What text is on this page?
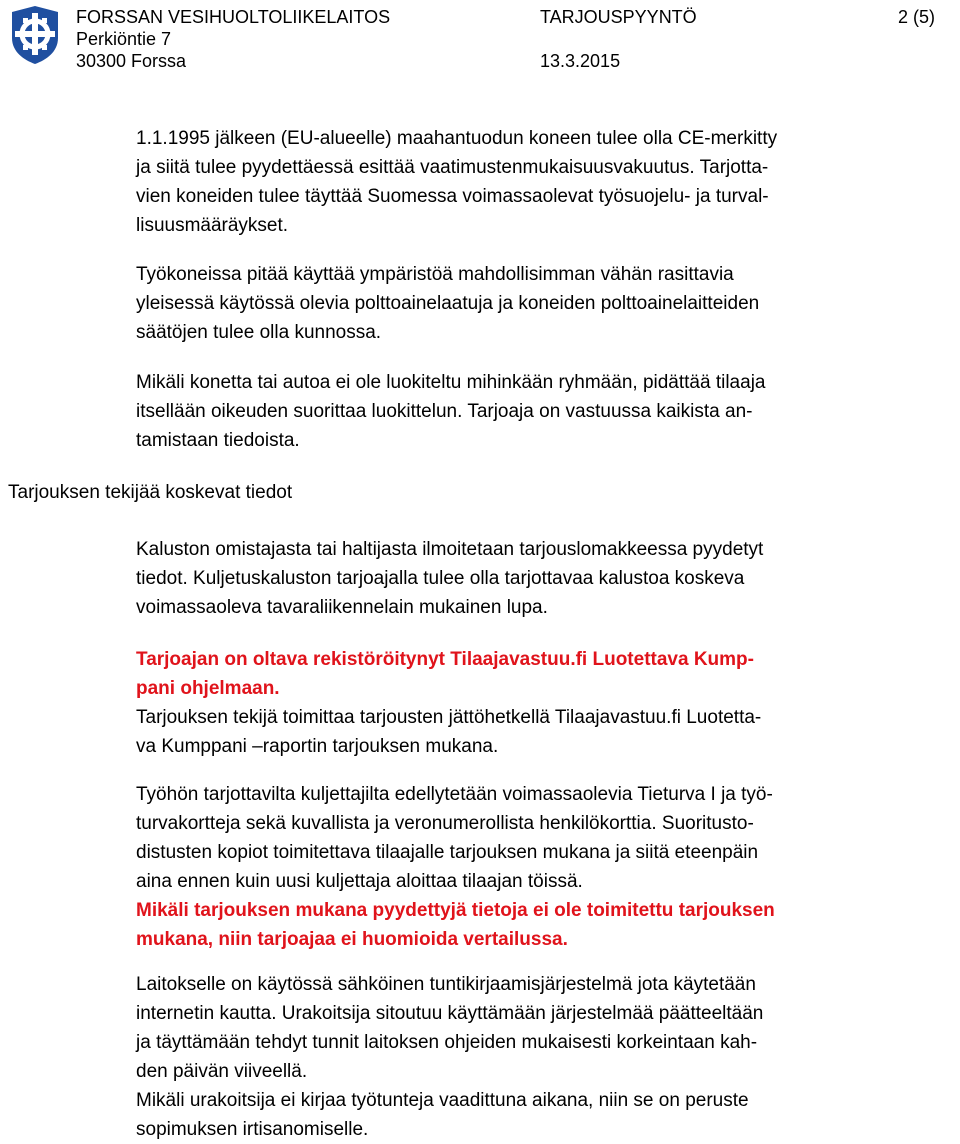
FORSSAN VESIHUOLTOLIIKELAITOS
Perkiöntie 7
30300 Forssa
TARJOUSPYYNTÖ
13.3.2015
2 (5)
1.1.1995 jälkeen (EU-alueelle) maahantuodun koneen tulee olla CE-merkitty
ja siitä tulee pyydettäessä esittää vaatimustenmukaisuusvakuutus. Tarjotta-
vien koneiden tulee täyttää Suomessa voimassaolevat työsuojelu- ja turval-
lisuusmääräykset.
Työkoneissa pitää käyttää ympäristöä mahdollisimman vähän rasittavia
yleisessä käytössä olevia polttoainelaatuja ja koneiden polttoainelaitteiden
säätöjen tulee olla kunnossa.
Mikäli konetta tai autoa ei ole luokiteltu mihinkään ryhmään, pidättää tilaaja
itsellään oikeuden suorittaa luokittelun. Tarjoaja on vastuussa kaikista an-
tamistaan tiedoista.
Tarjouksen tekijää koskevat tiedot
Kaluston omistajasta tai haltijasta ilmoitetaan tarjouslomakkeessa pyydetyt
tiedot. Kuljetuskaluston tarjoajalla tulee olla tarjottavaa kalustoa koskeva
voimassaoleva tavaraliikennelain mukainen lupa.
Tarjoajan on oltava rekistöröitynyt Tilaajavastuu.fi Luotettava Kump-
pani ohjelmaan.
Tarjouksen tekijä toimittaa tarjousten jättöhetkellä Tilaajavastuu.fi Luotetta-
va Kumppani –raportin tarjouksen mukana.
Työhön tarjottavilta kuljettajilta edellytetään voimassaolevia Tieturva I ja työ-
turvakortteja sekä kuvallista ja veronumerollista henkilökorttia. Suoritusto-
distusten kopiot toimitettava tilaajalle tarjouksen mukana ja siitä eteenpäin
aina ennen kuin uusi kuljettaja aloittaa tilaajan töissä.
Mikäli tarjouksen mukana pyydettyjä tietoja ei ole toimitettu tarjouksen
mukana, niin tarjoajaa ei huomioida vertailussa.
Laitokselle on käytössä sähköinen tuntikirjaamisjärjestelmä jota käytetään
internetin kautta. Urakoitsija sitoutuu käyttämään järjestelmää päätteeltään
ja täyttämään tehdyt tunnit laitoksen ohjeiden mukaisesti korkeintaan kah-
den päivän viiveellä.
Mikäli urakoitsija ei kirjaa työtunteja vaadittuna aikana, niin se on peruste
sopimuksen irtisanomiselle.
